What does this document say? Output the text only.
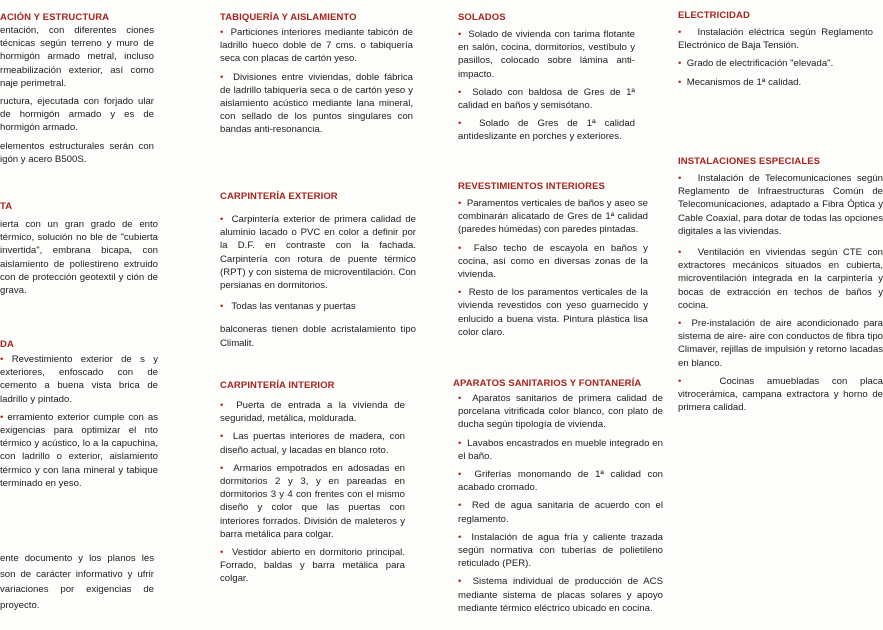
ACIÓN Y ESTRUCTURA

entación, con diferentes ciones técnicas según terreno y muro de hormigón armado metral, incluso rmeabilización exterior, así como naje perimetral.

ructura, ejecutada con forjado ular de hormigón armado y es de hormigón armado.

elementos estructurales serán con igón y acero B500S.

TA

ierta con un gran grado de ento térmico, solución no ble de "cubierta invertida", embrana bicapa, con aislamiento de poliestireno extruido con de protección geotextil y ción de grava.

DA

• Revestimiento exterior de s y exteriores, enfoscado con de cemento a buena vista brica de ladrillo y pintado.

• erramiento exterior cumple con as exigencias para optimizar el nto térmico y acústico, lo a la capuchina, con ladrillo o exterior, aislamiento térmico y con lana mineral y tabique terminado en yeso.

ente documento y los planos les son de carácter informativo y ufrir variaciones por exigencias de proyecto.

TABIQUERÍA Y AISLAMIENTO

• Particiones interiores mediante tabicón de ladrillo hueco doble de 7 cms. o tabiquería seca con placas de cartón yeso.

• Divisiones entre viviendas, doble fábrica de ladrillo tabiquería seca o de cartón yeso y aislamiento acústico mediante lana mineral, con sellado de los puntos singulares con bandas anti-resonancia.

CARPINTERÍA EXTERIOR

• Carpintería exterior de primera calidad de aluminio lacado o PVC en color a definir por la D.F. en contraste con la fachada. Carpintería con rotura de puente térmico (RPT) y con sistema de microventilación. Con persianas en dormitorios.

• Todas las ventanas y puertas

balconeras tienen doble acristalamiento tipo Climalit.

CARPINTERÍA INTERIOR

• Puerta de entrada a la vivienda de seguridad, metálica, moldurada.

• Las puertas interiores de madera, con diseño actual, y lacadas en blanco roto.

• Armarios empotrados en adosadas en dormitorios 2 y 3, y en pareadas en dormitorios 3 y 4 con frentes con el mismo diseño y color que las puertas con interiores forrados. División de maleteros y barra metálica para colgar.

• Vestidor abierto en dormitorio principal. Forrado, baldas y barra metálica para colgar.

SOLADOS

• Solado de vivienda con tarima flotante en salón, cocina, dormitorios, vestíbulo y pasillos, colocado sobre lámina anti-impacto.

• Solado con baldosa de Gres de 1ª calidad en baños y semisótano.

• Solado de Gres de 1ª calidad antideslizante en porches y exteriores.

REVESTIMIENTOS INTERIORES

• Paramentos verticales de baños y aseo se combinarán alicatado de Gres de 1ª calidad (paredes húmedas) con paredes pintadas.

• Falso techo de escayola en baños y cocina, así como en diversas zonas de la vivienda.

• Resto de los paramentos verticales de la vivienda revestidos con yeso guarnecido y enlucido a buena vista. Pintura plástica lisa color claro.

APARATOS SANITARIOS Y FONTANERÍA

• Aparatos sanitarios de primera calidad de porcelana vitrificada color blanco, con plato de ducha según tipología de vivienda.

• Lavabos encastrados en mueble integrado en el baño.

• Griferías monomando de 1ª calidad con acabado cromado.

• Red de agua sanitaria de acuerdo con el reglamento.

• Instalación de agua fría y caliente trazada según normativa con tuberías de polietileno reticulado (PER).

• Sistema individual de producción de ACS mediante sistema de placas solares y apoyo mediante térmico eléctrico ubicado en cocina.

ELECTRICIDAD

• Instalación eléctrica según Reglamento Electrónico de Baja Tensión.

• Grado de electrificación "elevada".

• Mecanismos de 1ª calidad.

INSTALACIONES ESPECIALES

• Instalación de Telecomunicaciones según Reglamento de Infraestructuras Común de Telecomunicaciones, adaptado a Fibra Óptica y Cable Coaxial, para dotar de todas las opciones digitales a las viviendas.

• Ventilación en viviendas según CTE con extractores mecánicos situados en cubierta, microventilación integrada en la carpintería y bocas de extracción en techos de baños y cocina.

• Pre-instalación de aire acondicionado para sistema de aire- aire con conductos de fibra tipo Climaver, rejillas de impulsión y retorno lacadas en blanco.

•	Cocinas amuebladas con placa vitrocerámica, campana extractora y horno de primera calidad.
